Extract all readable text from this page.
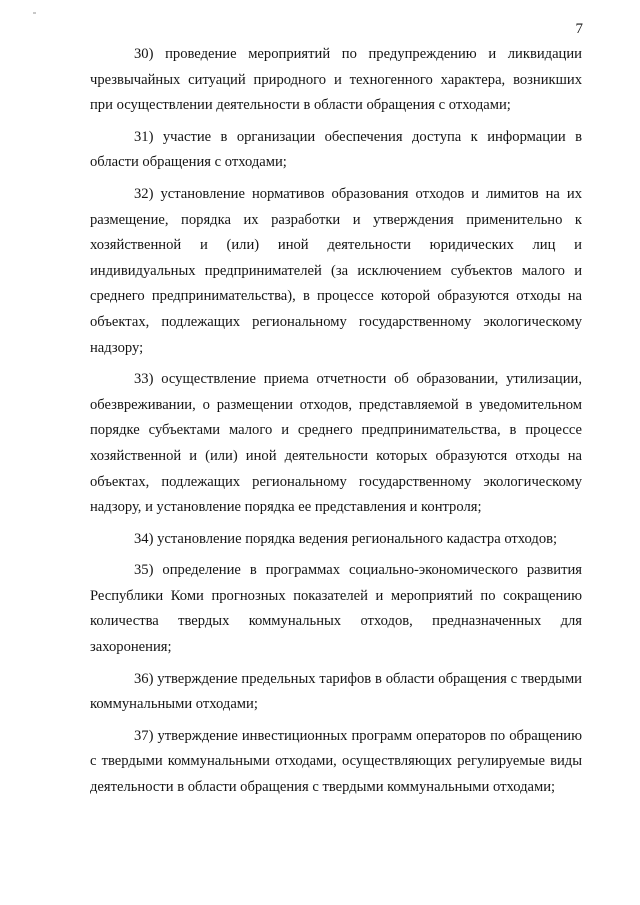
7

30) проведение мероприятий по предупреждению и ликвидации чрезвычайных ситуаций природного и техногенного характера, возникших при осуществлении деятельности в области обращения с отходами;

31) участие в организации обеспечения доступа к информации в области обращения с отходами;

32) установление нормативов образования отходов и лимитов на их размещение, порядка их разработки и утверждения применительно к хозяйственной и (или) иной деятельности юридических лиц и индивидуальных предпринимателей (за исключением субъектов малого и среднего предпринимательства), в процессе которой образуются отходы на объектах, подлежащих региональному государственному экологическому надзору;

33) осуществление приема отчетности об образовании, утилизации, обезвреживании, о размещении отходов, представляемой в уведомительном порядке субъектами малого и среднего предпринимательства, в процессе хозяйственной и (или) иной деятельности которых образуются отходы на объектах, подлежащих региональному государственному экологическому надзору, и установление порядка ее представления и контроля;

34) установление порядка ведения регионального кадастра отходов;

35) определение в программах социально-экономического развития Республики Коми прогнозных показателей и мероприятий по сокращению количества твердых коммунальных отходов, предназначенных для захоронения;

36) утверждение предельных тарифов в области обращения с твердыми коммунальными отходами;

37) утверждение инвестиционных программ операторов по обращению с твердыми коммунальными отходами, осуществляющих регулируемые виды деятельности в области обращения с твердыми коммунальными отходами;
